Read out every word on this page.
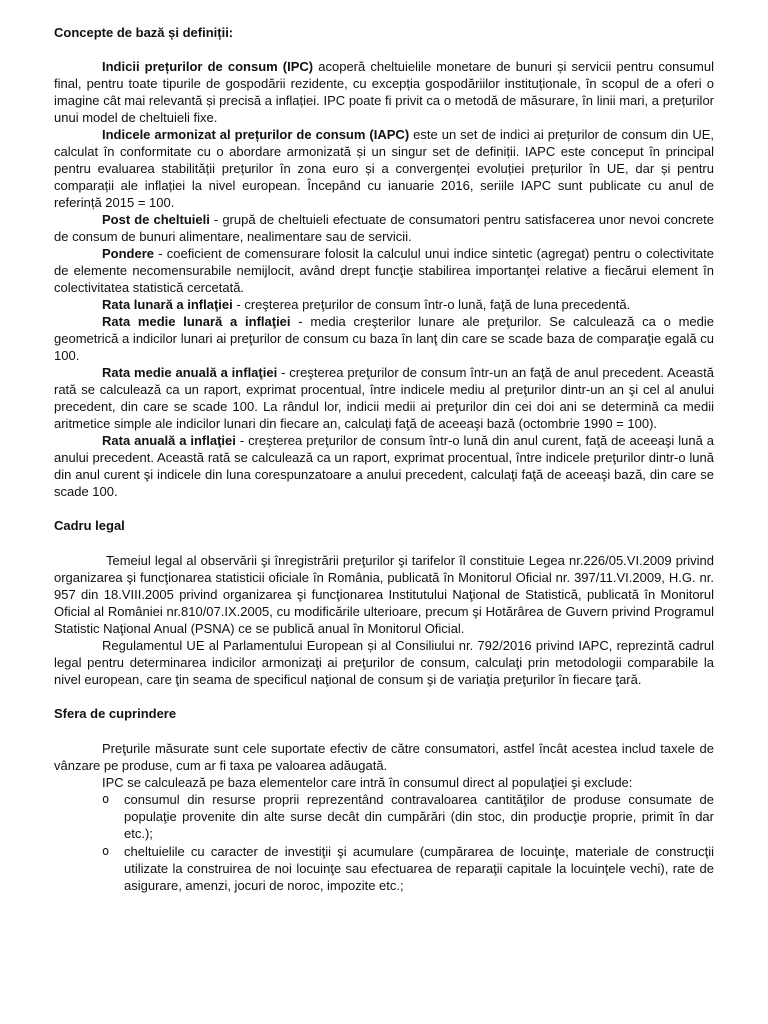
Concepte de bază și definiții:

Indicii prețurilor de consum (IPC) acoperă cheltuielile monetare de bunuri și servicii pentru consumul final, pentru toate tipurile de gospodării rezidente, cu excepția gospodăriilor instituționale, în scopul de a oferi o imagine cât mai relevantă și precisă a inflației. IPC poate fi privit ca o metodă de măsurare, în linii mari, a prețurilor unui model de cheltuieli fixe.

Indicele armonizat al prețurilor de consum (IAPC) este un set de indici ai prețurilor de consum din UE, calculat în conformitate cu o abordare armonizată și un singur set de definiții. IAPC este conceput în principal pentru evaluarea stabilității prețurilor în zona euro și a convergenței evoluției prețurilor în UE, dar și pentru comparații ale inflației la nivel european. Începând cu ianuarie 2016, seriile IAPC sunt publicate cu anul de referință 2015 = 100.

Post de cheltuieli - grupă de cheltuieli efectuate de consumatori pentru satisfacerea unor nevoi concrete de consum de bunuri alimentare, nealimentare sau de servicii.

Pondere - coeficient de comensurare folosit la calculul unui indice sintetic (agregat) pentru o colectivitate de elemente necomensurabile nemijlocit, având drept funcţie stabilirea importanţei relative a fiecărui element în colectivitatea statistică cercetată.

Rata lunară a inflaţiei - creşterea preţurilor de consum într-o lună, faţă de luna precedentă.

Rata medie lunară a inflaţiei - media creşterilor lunare ale preţurilor. Se calculează ca o medie geometrică a indicilor lunari ai preţurilor de consum cu baza în lanţ din care se scade baza de comparaţie egală cu 100.

Rata medie anuală a inflaţiei - creşterea preţurilor de consum într-un an faţă de anul precedent. Această rată se calculează ca un raport, exprimat procentual, între indicele mediu al preţurilor dintr-un an şi cel al anului precedent, din care se scade 100. La rândul lor, indicii medii ai preţurilor din cei doi ani se determină ca medii aritmetice simple ale indicilor lunari din fiecare an, calculaţi faţă de aceeaşi bază (octombrie 1990 = 100).

Rata anuală a inflaţiei - creşterea preţurilor de consum într-o lună din anul curent, faţă de aceeaşi lună a anului precedent. Această rată se calculează ca un raport, exprimat procentual, între indicele preţurilor dintr-o lună din anul curent şi indicele din luna corespunzatoare a anului precedent, calculaţi faţă de aceeaşi bază, din care se scade 100.

Cadru legal

Temeiul legal al observării şi înregistrării preţurilor şi tarifelor îl constituie Legea nr.226/05.VI.2009 privind organizarea şi funcţionarea statisticii oficiale în România, publicată în Monitorul Oficial nr. 397/11.VI.2009, H.G. nr. 957 din 18.VIII.2005 privind organizarea şi funcţionarea Institutului Naţional de Statistică, publicată în Monitorul Oficial al României nr.810/07.IX.2005, cu modificările ulterioare, precum şi Hotărârea de Guvern privind Programul Statistic Naţional Anual (PSNA) ce se publică anual în Monitorul Oficial.

Regulamentul UE al Parlamentului European și al Consiliului nr. 792/2016 privind IAPC, reprezintă cadrul legal pentru determinarea indicilor armonizaţi ai preţurilor de consum, calculaţi prin metodologii comparabile la nivel european, care ţin seama de specificul naţional de consum şi de variaţia preţurilor în fiecare ţară.

Sfera de cuprindere

Preţurile măsurate sunt cele suportate efectiv de către consumatori, astfel încât acestea includ taxele de vânzare pe produse, cum ar fi taxa pe valoarea adăugată.

IPC se calculează pe baza elementelor care intră în consumul direct al populaţiei şi exclude:

o consumul din resurse proprii reprezentând contravaloarea cantităţilor de produse consumate de populaţie provenite din alte surse decât din cumpărări (din stoc, din producţie proprie, primit în dar etc.);
o cheltuielile cu caracter de investiţii şi acumulare (cumpărarea de locuinţe, materiale de construcţii utilizate la construirea de noi locuinţe sau efectuarea de reparaţii capitale la locuinţele vechi), rate de asigurare, amenzi, jocuri de noroc, impozite etc.;
